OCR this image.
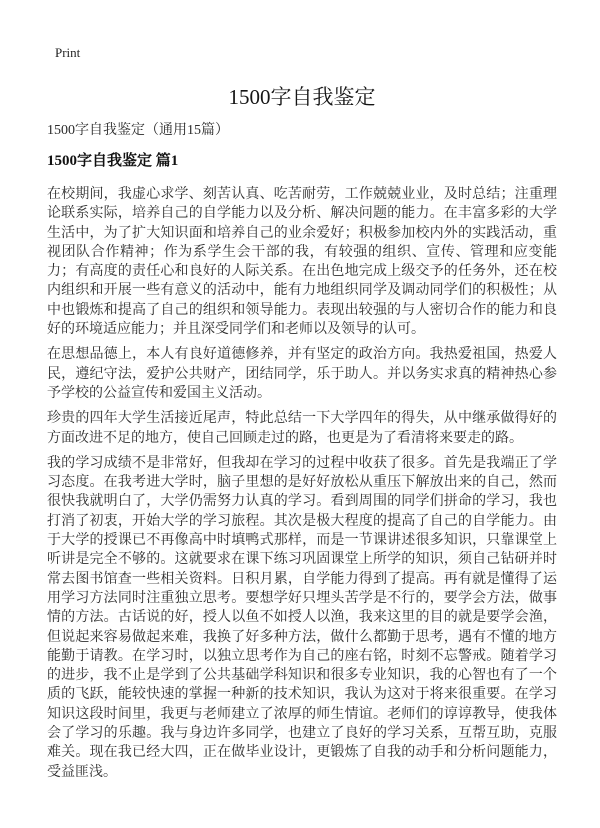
Print
1500字自我鉴定
1500字自我鉴定（通用15篇）
1500字自我鉴定 篇1

在校期间，我虚心求学、刻苦认真、吃苦耐劳，工作兢兢业业，及时总结；注重理论联系实际，培养自己的自学能力以及分析、解决问题的能力。在丰富多彩的大学生活中，为了扩大知识面和培养自己的业余爱好；积极参加校内外的实践活动，重视团队合作精神；作为系学生会干部的我，有较强的组织、宣传、管理和应变能力；有高度的责任心和良好的人际关系。在出色地完成上级交予的任务外，还在校内组织和开展一些有意义的活动中，能有力地组织同学及调动同学们的积极性；从中也锻炼和提高了自己的组织和领导能力。表现出较强的与人密切合作的能力和良好的环境适应能力；并且深受同学们和老师以及领导的认可。

在思想品德上，本人有良好道德修养，并有坚定的政治方向。我热爱祖国，热爱人民，遵纪守法，爱护公共财产，团结同学，乐于助人。并以务实求真的精神热心参予学校的公益宣传和爱国主义活动。

珍贵的四年大学生活接近尾声，特此总结一下大学四年的得失，从中继承做得好的方面改进不足的地方，使自己回顾走过的路，也更是为了看清将来要走的路。

我的学习成绩不是非常好，但我却在学习的过程中收获了很多。首先是我端正了学习态度。在我考进大学时，脑子里想的是好好放松从重压下解放出来的自己，然而很快我就明白了，大学仍需努力认真的学习。看到周围的同学们拼命的学习，我也打消了初衷，开始大学的学习旅程。其次是极大程度的提高了自己的自学能力。由于大学的授课已不再像高中时填鸭式那样，而是一节课讲述很多知识，只靠课堂上听讲是完全不够的。这就要求在课下练习巩固课堂上所学的知识，须自己钻研并时常去图书馆查一些相关资料。日积月累，自学能力得到了提高。再有就是懂得了运用学习方法同时注重独立思考。要想学好只埋头苦学是不行的，要学会方法，做事情的方法。古话说的好，授人以鱼不如授人以渔，我来这里的目的就是要学会渔，但说起来容易做起来难，我换了好多种方法，做什么都勤于思考，遇有不懂的地方能勤于请教。在学习时，以独立思考作为自己的座右铭，时刻不忘警戒。随着学习的进步，我不止是学到了公共基础学科知识和很多专业知识，我的心智也有了一个质的飞跃，能较快速的掌握一种新的技术知识，我认为这对于将来很重要。在学习知识这段时间里，我更与老师建立了浓厚的师生情谊。老师们的谆谆教导，使我体会了学习的乐趣。我与身边许多同学，也建立了良好的学习关系，互帮互助，克服难关。现在我已经大四，正在做毕业设计，更锻炼了自我的动手和分析问题能力，受益匪浅。
